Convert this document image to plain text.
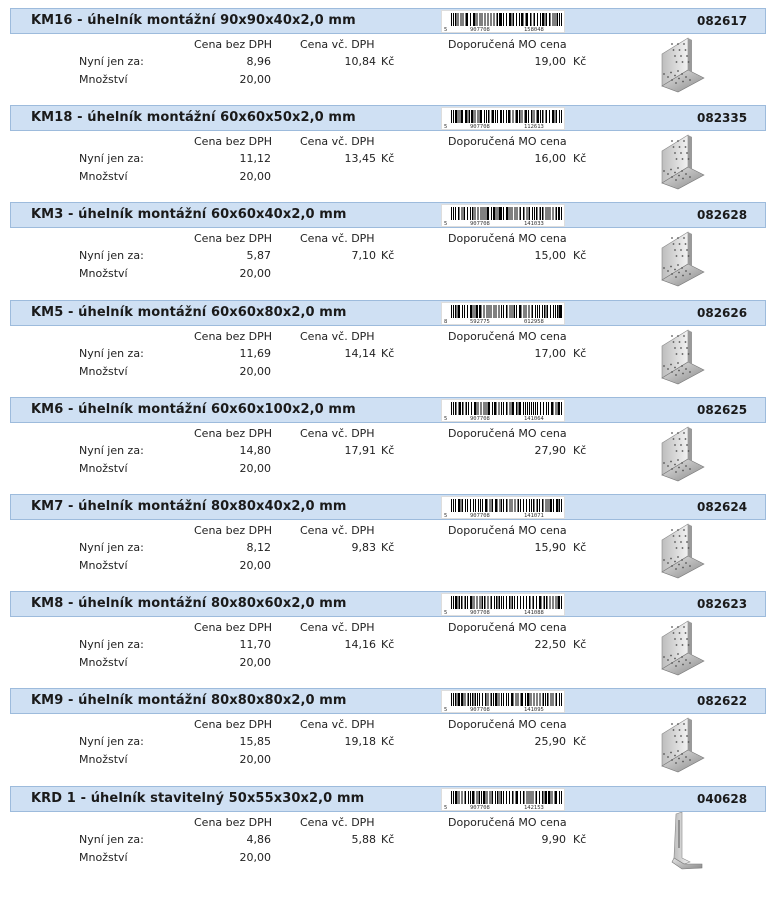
KM16 - úhelník montážní 90x90x40x2,0 mm
5	907708	158048
082617
Cena bez DPH	Cena vč. DPH	Doporučená MO cena
Nyní jen za:	8,96	10,84 Kč	19,00 Kč
Množství	20,00
KM18 - úhelník montážní 60x60x50x2,0 mm
5	907708	112613
082335
Cena bez DPH	Cena vč. DPH	Doporučená MO cena
Nyní jen za:	11,12	13,45 Kč	16,00 Kč
Množství	20,00
KM3 - úhelník montážní 60x60x40x2,0 mm
5	907708	141033
082628
Cena bez DPH	Cena vč. DPH	Doporučená MO cena
Nyní jen za:	5,87	7,10 Kč	15,00 Kč
Množství	20,00
KM5 - úhelník montážní 60x60x80x2,0 mm
8	592775	012958
082626
Cena bez DPH	Cena vč. DPH	Doporučená MO cena
Nyní jen za:	11,69	14,14 Kč	17,00 Kč
Množství	20,00
KM6 - úhelník montážní 60x60x100x2,0 mm
5	907708	141064
082625
Cena bez DPH	Cena vč. DPH	Doporučená MO cena
Nyní jen za:	14,80	17,91 Kč	27,90 Kč
Množství	20,00
KM7 - úhelník montážní 80x80x40x2,0 mm
5	907708	141071
082624
Cena bez DPH	Cena vč. DPH	Doporučená MO cena
Nyní jen za:	8,12	9,83 Kč	15,90 Kč
Množství	20,00
KM8 - úhelník montážní 80x80x60x2,0 mm
5	907708	141088
082623
Cena bez DPH	Cena vč. DPH	Doporučená MO cena
Nyní jen za:	11,70	14,16 Kč	22,50 Kč
Množství	20,00
KM9 - úhelník montážní 80x80x80x2,0 mm
5	907708	141095
082622
Cena bez DPH	Cena vč. DPH	Doporučená MO cena
Nyní jen za:	15,85	19,18 Kč	25,90 Kč
Množství	20,00
KRD 1 - úhelník stavitelný 50x55x30x2,0 mm
5	907708	142153
040628
Cena bez DPH	Cena vč. DPH	Doporučená MO cena
Nyní jen za:	4,86	5,88 Kč	9,90 Kč
Množství	20,00
